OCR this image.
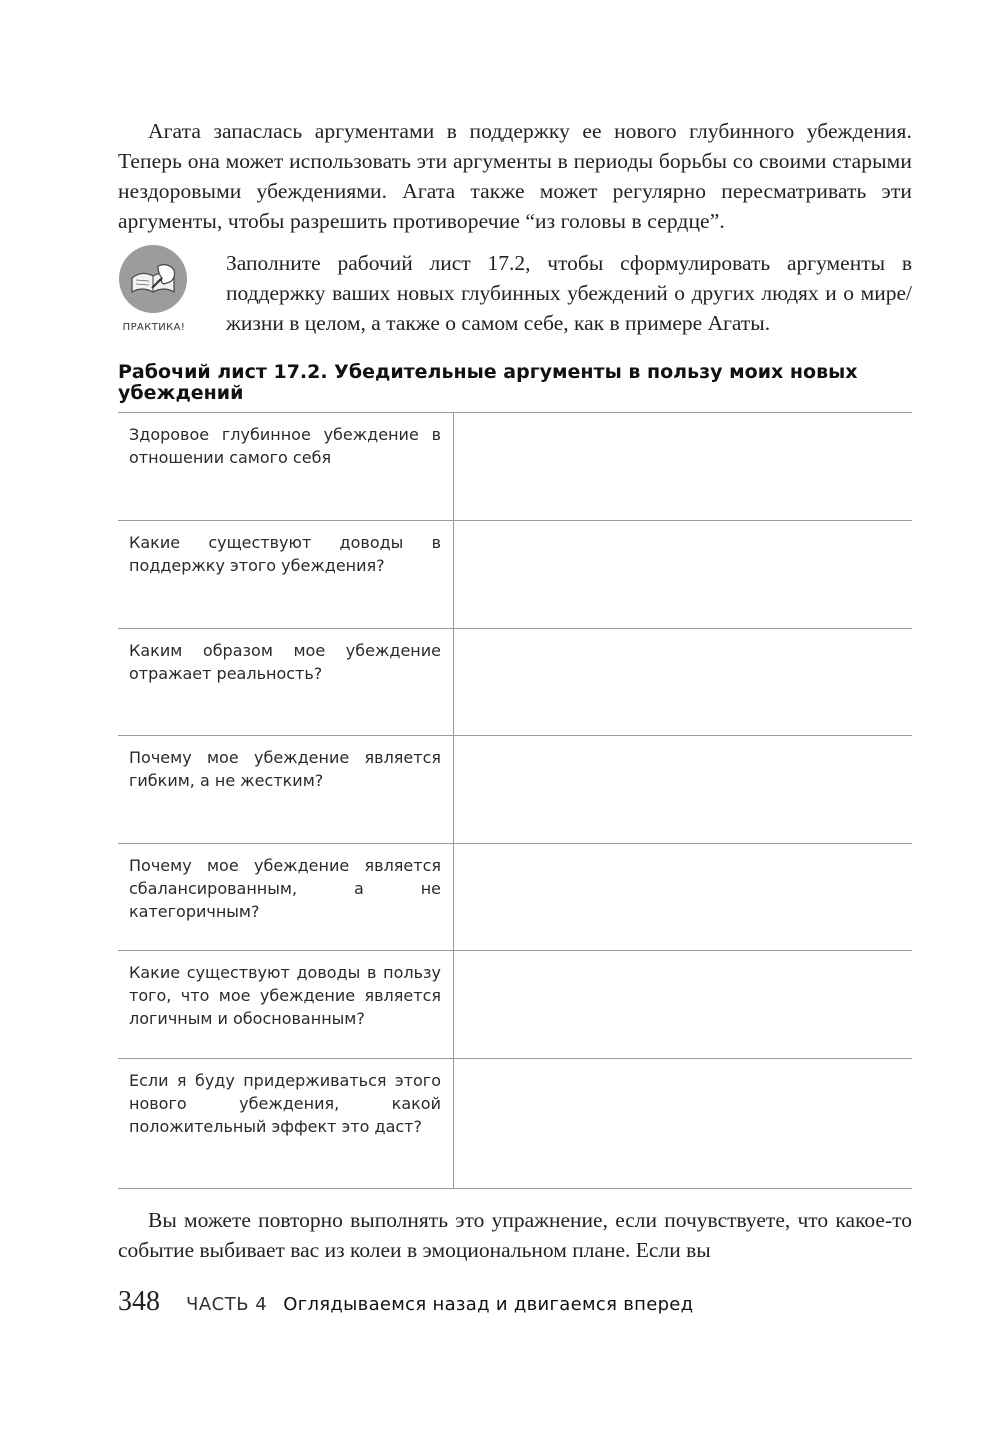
Агата запаслась аргументами в поддержку ее нового глубинного убеждения. Теперь она может использовать эти аргументы в периоды борьбы со своими старыми нездоровыми убеждениями. Агата также может регулярно пересматривать эти аргументы, чтобы разрешить противоречие “из головы в сердце”.

ПРАКТИКА!

Заполните рабочий лист 17.2, чтобы сформулировать аргументы в поддержку ваших новых глубинных убеждений о других людях и о мире/жизни в целом, а также о самом себе, как в примере Агаты.

Рабочий лист 17.2. Убедительные аргументы в пользу моих новых убеждений
Здоровое глубинное убеждение в отношении самого себя	
Какие существуют доводы в поддержку этого убеждения?	
Каким образом мое убеждение отражает реальность?	
Почему мое убеждение является гибким, а не жестким?	
Почему мое убеждение является сбалансированным, а не категоричным?	
Какие существуют доводы в пользу того, что мое убеждение является логичным и обоснованным?	
Если я буду придерживаться этого нового убеждения, какой положительный эффект это даст?	

Вы можете повторно выполнять это упражнение, если почувствуете, что какое-то событие выбивает вас из колеи в эмоциональном плане. Если вы

348 ЧАСТЬ 4 Оглядываемся назад и двигаемся вперед
